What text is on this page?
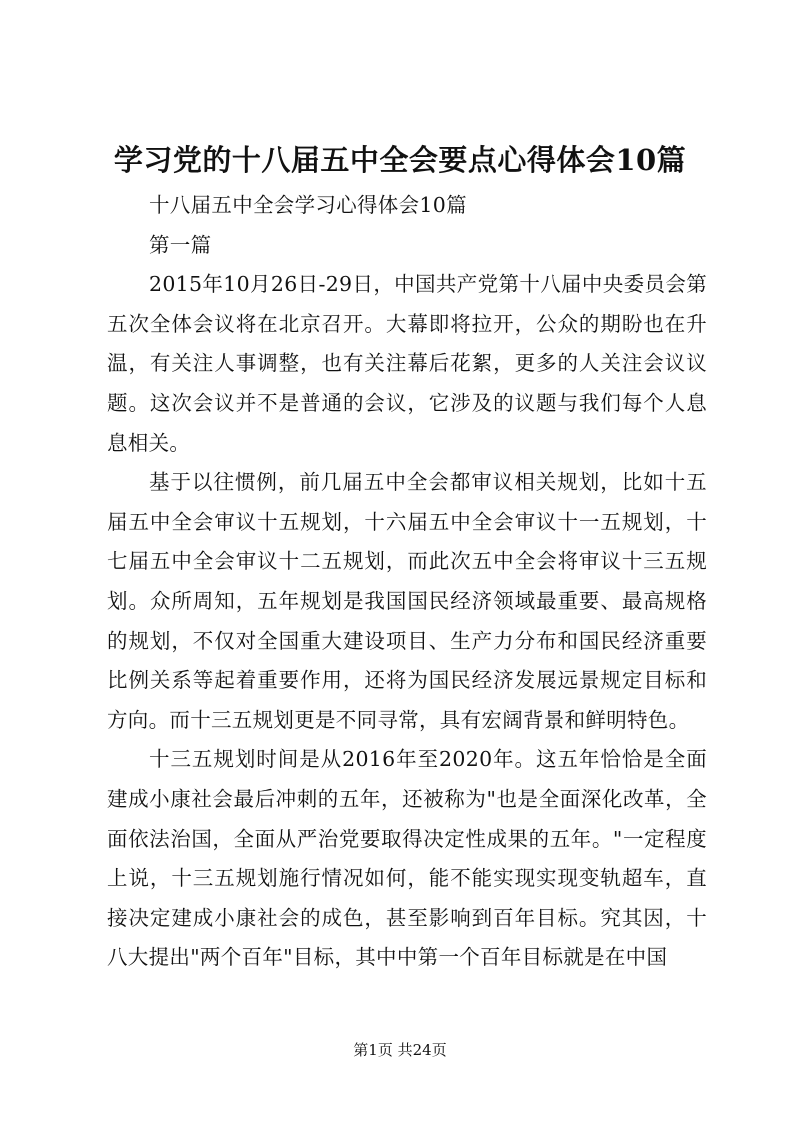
学习党的十八届五中全会要点心得体会10篇

十八届五中全会学习心得体会10篇

第一篇

2015年10月26日-29日，中国共产党第十八届中央委员会第五次全体会议将在北京召开。大幕即将拉开，公众的期盼也在升温，有关注人事调整，也有关注幕后花絮，更多的人关注会议议题。这次会议并不是普通的会议，它涉及的议题与我们每个人息息相关。

基于以往惯例，前几届五中全会都审议相关规划，比如十五届五中全会审议十五规划，十六届五中全会审议十一五规划，十七届五中全会审议十二五规划，而此次五中全会将审议十三五规划。众所周知，五年规划是我国国民经济领域最重要、最高规格的规划，不仅对全国重大建设项目、生产力分布和国民经济重要比例关系等起着重要作用，还将为国民经济发展远景规定目标和方向。而十三五规划更是不同寻常，具有宏阔背景和鲜明特色。

十三五规划时间是从2016年至2020年。这五年恰恰是全面建成小康社会最后冲刺的五年，还被称为"也是全面深化改革，全面依法治国，全面从严治党要取得决定性成果的五年。"一定程度上说，十三五规划施行情况如何，能不能实现实现变轨超车，直接决定建成小康社会的成色，甚至影响到百年目标。究其因，十八大提出"两个百年"目标，其中中第一个百年目标就是在中国

第1页 共24页
